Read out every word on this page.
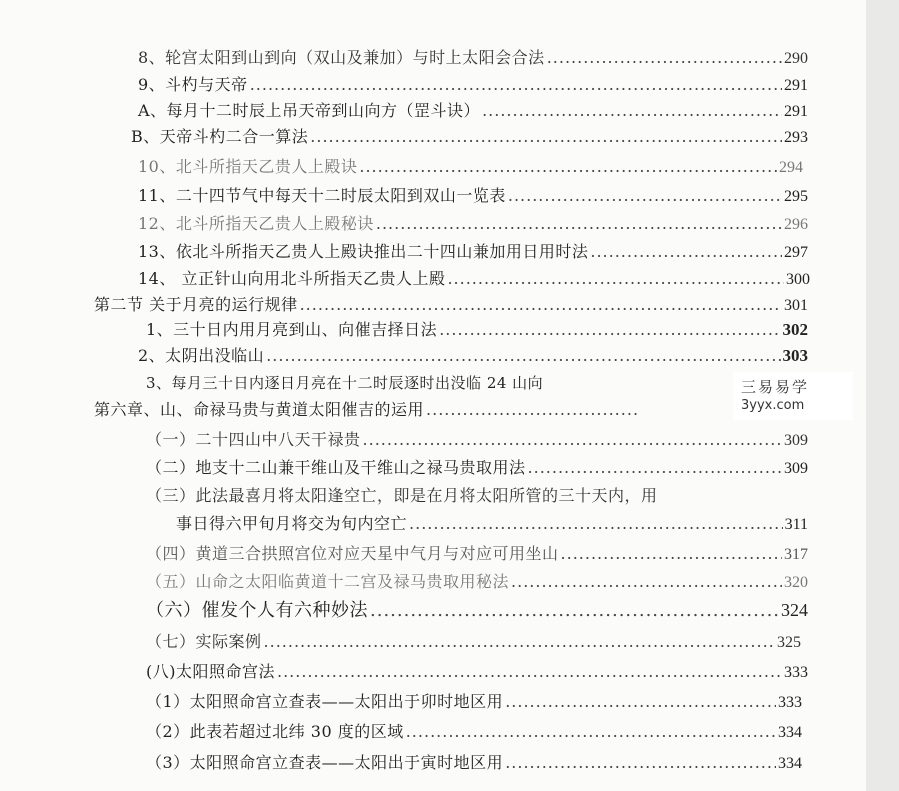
8、轮宫太阳到山到向（双山及兼加）与时上太阳会合法 .....	290
9、斗杓与天帝 .....	291
A、每月十二时辰上吊天帝到山向方（罡斗诀） .....	291
B、天帝斗杓二合一算法 .....	293
10、北斗所指天乙贵人上殿诀 .....	294
11、二十四节气中每天十二时辰太阳到双山一览表 .....	295
12、北斗所指天乙贵人上殿秘诀 .....	296
13、依北斗所指天乙贵人上殿诀推出二十四山兼加用日用时法 .....	297
14、 立正针山向用北斗所指天乙贵人上殿 .....	300
第二节 关于月亮的运行规律 .....	301
1、三十日内用月亮到山、向催吉择日法 .....	302
2、太阴出没临山 .....	303
3、每月三十日内逐日月亮在十二时辰逐时出没临 24 山向
第六章、山、命禄马贵与黄道太阳催吉的运用
.....
（一）二十四山中八天干禄贵 .....	309
（二）地支十二山兼干维山及干维山之禄马贵取用法 .....	309
（三）此法最喜月将太阳逢空亡，即是在月将太阳所管的三十天内，用
事日得六甲旬月将交为旬内空亡 .....	311
（四）黄道三合拱照宫位对应天星中气月与对应可用坐山 .....	317
（五）山命之太阳临黄道十二宫及禄马贵取用秘法 .....	320
（六）催发个人有六种妙法 .....	324
（七）实际案例 .....	325
(八)太阳照命宫法 .....	333
（1）太阳照命宫立查表——太阳出于卯时地区用 .....	333
（2）此表若超过北纬 30 度的区域 .....	334
（3）太阳照命宫立查表——太阳出于寅时地区用 .....	334
三易易学
3yyx.com
